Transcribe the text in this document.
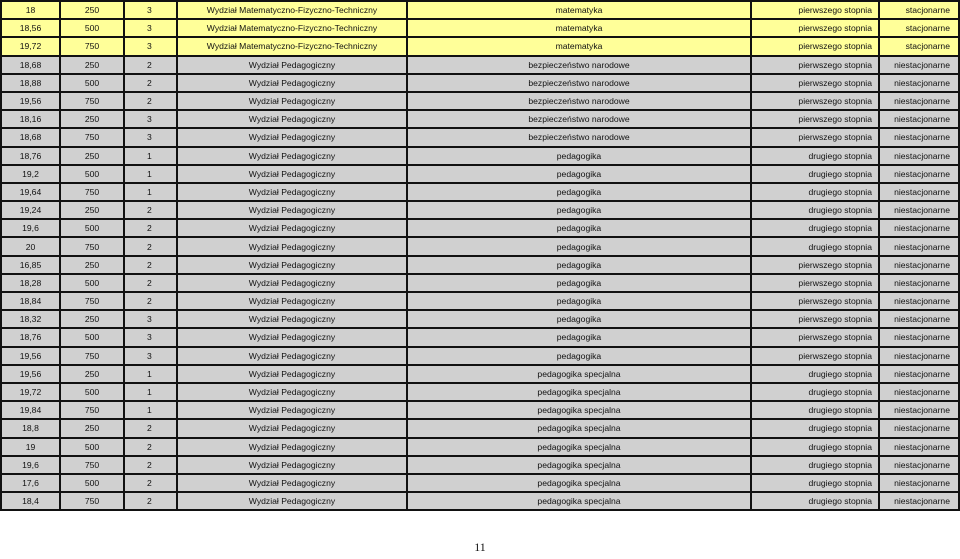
18	250	3	Wydział Matematyczno-Fizyczno-Techniczny	matematyka	pierwszego stopnia	stacjonarne
18,56	500	3	Wydział Matematyczno-Fizyczno-Techniczny	matematyka	pierwszego stopnia	stacjonarne
19,72	750	3	Wydział Matematyczno-Fizyczno-Techniczny	matematyka	pierwszego stopnia	stacjonarne
18,68	250	2	Wydział Pedagogiczny	bezpieczeństwo narodowe	pierwszego stopnia	niestacjonarne
18,88	500	2	Wydział Pedagogiczny	bezpieczeństwo narodowe	pierwszego stopnia	niestacjonarne
19,56	750	2	Wydział Pedagogiczny	bezpieczeństwo narodowe	pierwszego stopnia	niestacjonarne
18,16	250	3	Wydział Pedagogiczny	bezpieczeństwo narodowe	pierwszego stopnia	niestacjonarne
18,68	750	3	Wydział Pedagogiczny	bezpieczeństwo narodowe	pierwszego stopnia	niestacjonarne
18,76	250	1	Wydział Pedagogiczny	pedagogika	drugiego stopnia	niestacjonarne
19,2	500	1	Wydział Pedagogiczny	pedagogika	drugiego stopnia	niestacjonarne
19,64	750	1	Wydział Pedagogiczny	pedagogika	drugiego stopnia	niestacjonarne
19,24	250	2	Wydział Pedagogiczny	pedagogika	drugiego stopnia	niestacjonarne
19,6	500	2	Wydział Pedagogiczny	pedagogika	drugiego stopnia	niestacjonarne
20	750	2	Wydział Pedagogiczny	pedagogika	drugiego stopnia	niestacjonarne
16,85	250	2	Wydział Pedagogiczny	pedagogika	pierwszego stopnia	niestacjonarne
18,28	500	2	Wydział Pedagogiczny	pedagogika	pierwszego stopnia	niestacjonarne
18,84	750	2	Wydział Pedagogiczny	pedagogika	pierwszego stopnia	niestacjonarne
18,32	250	3	Wydział Pedagogiczny	pedagogika	pierwszego stopnia	niestacjonarne
18,76	500	3	Wydział Pedagogiczny	pedagogika	pierwszego stopnia	niestacjonarne
19,56	750	3	Wydział Pedagogiczny	pedagogika	pierwszego stopnia	niestacjonarne
19,56	250	1	Wydział Pedagogiczny	pedagogika specjalna	drugiego stopnia	niestacjonarne
19,72	500	1	Wydział Pedagogiczny	pedagogika specjalna	drugiego stopnia	niestacjonarne
19,84	750	1	Wydział Pedagogiczny	pedagogika specjalna	drugiego stopnia	niestacjonarne
18,8	250	2	Wydział Pedagogiczny	pedagogika specjalna	drugiego stopnia	niestacjonarne
19	500	2	Wydział Pedagogiczny	pedagogika specjalna	drugiego stopnia	niestacjonarne
19,6	750	2	Wydział Pedagogiczny	pedagogika specjalna	drugiego stopnia	niestacjonarne
17,6	500	2	Wydział Pedagogiczny	pedagogika specjalna	drugiego stopnia	niestacjonarne
18,4	750	2	Wydział Pedagogiczny	pedagogika specjalna	drugiego stopnia	niestacjonarne
11
